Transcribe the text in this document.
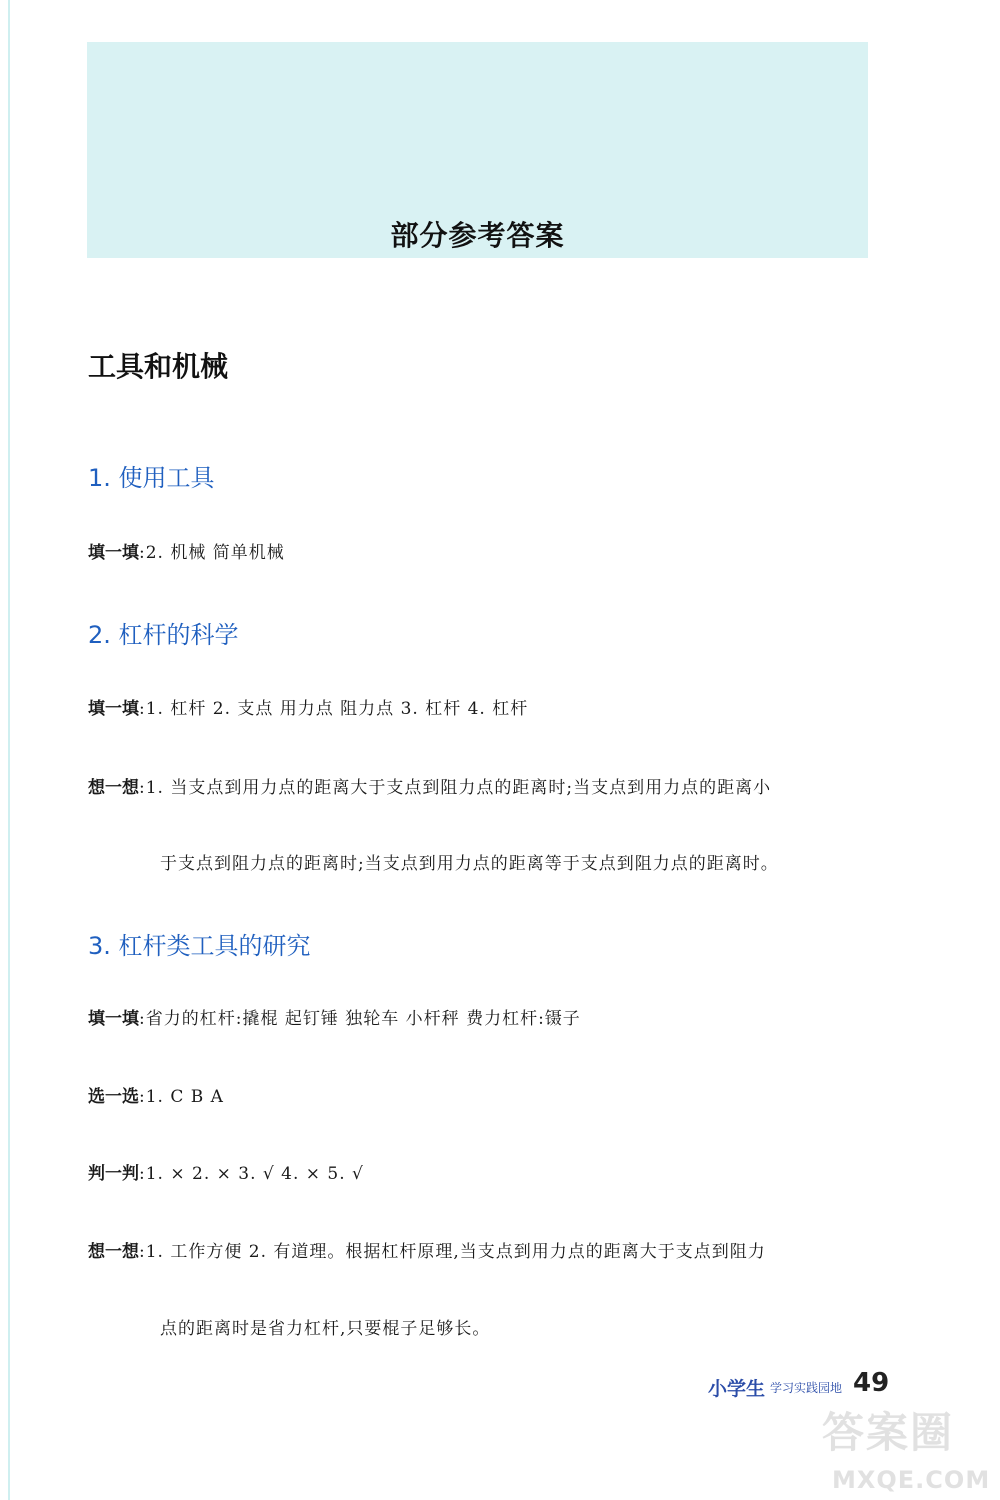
部分参考答案
工具和机械
1. 使用工具
填一填:2. 机械 简单机械
2. 杠杆的科学
填一填:1. 杠杆 2. 支点 用力点 阻力点 3. 杠杆 4. 杠杆
想一想:1. 当支点到用力点的距离大于支点到阻力点的距离时;当支点到用力点的距离小
于支点到阻力点的距离时;当支点到用力点的距离等于支点到阻力点的距离时。
3. 杠杆类工具的研究
填一填:省力的杠杆:撬棍 起钉锤 独轮车 小杆秤 费力杠杆:镊子
选一选:1. C B A
判一判:1. × 2. × 3. √ 4. × 5. √
想一想:1. 工作方便 2. 有道理。根据杠杆原理,当支点到用力点的距离大于支点到阻力
点的距离时是省力杠杆,只要棍子足够长。
小学生 学习实践园地 49
答案圈
MXQE.COM
